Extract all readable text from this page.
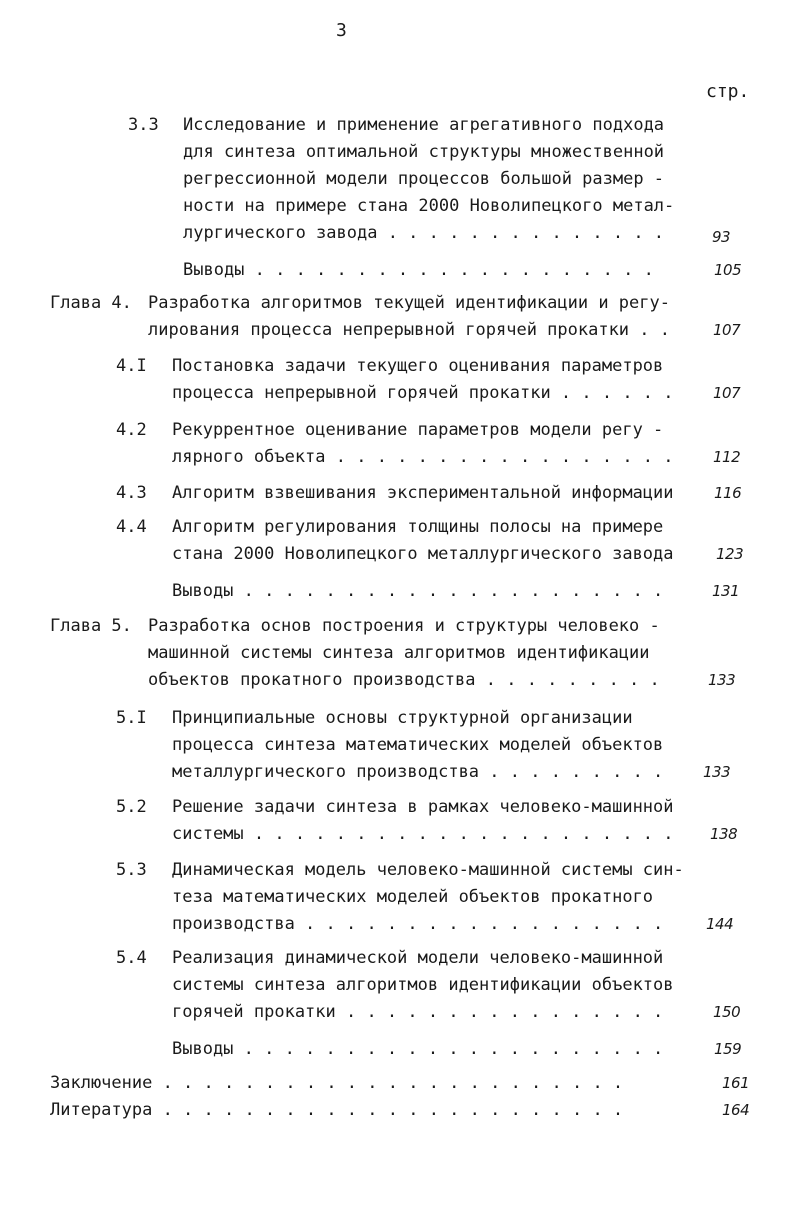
3
стр.
3.3 Исследование и применение агрегативного подхода
для синтеза оптимальной структуры множественной
регрессионной модели процессов большой размер -
ности на примере стана 2000 Новолипецкого метал-
лургического завода . . . . . . . . . . . . . .	93
Выводы . . . . . . . . . . . . . . . . . . . .	105
Глава 4. Разработка алгоритмов текущей идентификации и регу-
лирования процесса непрерывной горячей прокатки . .	107
4.I Постановка задачи текущего оценивания параметров
процесса непрерывной горячей прокатки . . . . . .	107
4.2 Рекуррентное оценивание параметров модели регу -
лярного объекта . . . . . . . . . . . . . . . . .	112
4.3 Алгоритм взвешивания экспериментальной информации	116
4.4 Алгоритм регулирования толщины полосы на примере
стана 2000 Новолипецкого металлургического завода	123
Выводы . . . . . . . . . . . . . . . . . . . . .	131
Глава 5. Разработка основ построения и структуры человеко -
машинной системы синтеза алгоритмов идентификации
объектов прокатного производства . . . . . . . . .	133
5.I Принципиальные основы структурной организации
процесса синтеза математических моделей объектов
металлургического производства . . . . . . . . .	133
5.2 Решение задачи синтеза в рамках человеко-машинной
системы . . . . . . . . . . . . . . . . . . . . . 138
5.3 Динамическая модель человеко-машинной системы син-
теза математических моделей объектов прокатного
производства . . . . . . . . . . . . . . . . . .	144
5.4 Реализация динамической модели человеко-машинной
системы синтеза алгоритмов идентификации объектов
горячей прокатки . . . . . . . . . . . . . . . .	150
Выводы . . . . . . . . . . . . . . . . . . . . .	159
Заключение . . . . . . . . . . . . . . . . . . . . . . .	161
Литература . . . . . . . . . . . . . . . . . . . . . . .	164
